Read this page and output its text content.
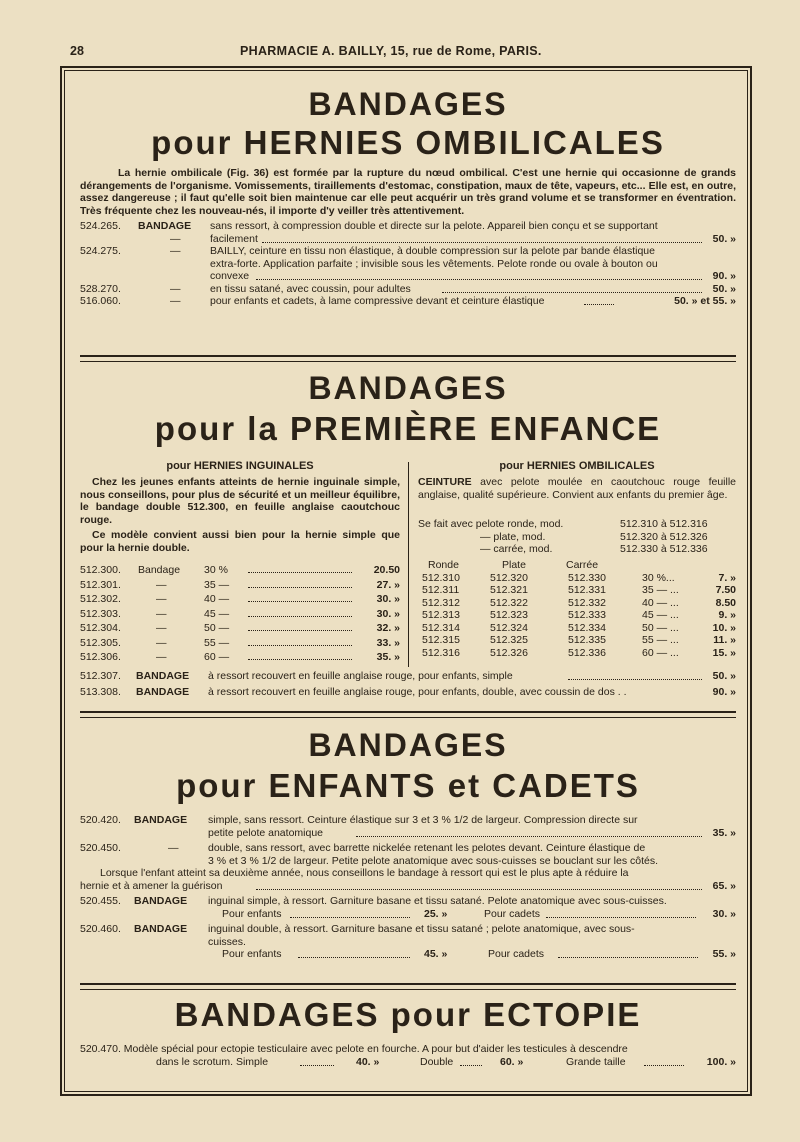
28	PHARMACIE A. BAILLY, 15, rue de Rome, PARIS.
BANDAGES
pour HERNIES OMBILICALES
La hernie ombilicale (Fig. 36) est formée par la rupture du nœud ombilical. C'est une hernie qui occasionne de grands dérangements de l'organisme. Vomissements, tiraillements d'estomac, constipation, maux de tête, vapeurs, etc... Elle est, en outre, assez dangereuse ; il faut qu'elle soit bien maintenue car elle peut acquérir un très grand volume et se transformer en éventration. Très fréquente chez les nouveau-nés, il importe d'y veiller très attentivement.
524.265. BANDAGE sans ressort, à compression double et directe sur la pelote. Appareil bien conçu et se supportant
—	facilement	50. »
524.275.	—	BAILLY, ceinture en tissu non élastique, à double compression sur la pelote par bande élastique
extra-forte. Application parfaite ; invisible sous les vêtements. Pelote ronde ou ovale à bouton ou
convexe	90. »
528.270.	—	en tissu satané, avec coussin, pour adultes	50. »
516.060.	—	pour enfants et cadets, à lame compressive devant et ceinture élastique	50. » et 55. »
BANDAGES
pour la PREMIÈRE ENFANCE
pour HERNIES INGUINALES
Chez les jeunes enfants atteints de hernie inguinale simple, nous conseillons, pour plus de sécurité et un meilleur équilibre, le bandage double 512.300, en feuille anglaise caoutchouc rouge.
Ce modèle convient aussi bien pour la hernie simple que pour la hernie double.
512.300. Bandage 30 %	20.50
512.301.	—	35 —	27. »
512.302.	—	40 —	30. »
512.303.	—	45 —	30. »
512.304.	—	50 —	32. »
512.305.	—	55 —	33. »
512.306.	—	60 —	35. »
pour HERNIES OMBILICALES
CEINTURE avec pelote moulée en caoutchouc rouge feuille anglaise, qualité supérieure. Convient aux enfants du premier âge.
Se fait avec pelote ronde, mod.	512.310 à 512.316
— plate, mod.	512.320 à 512.326
— carrée, mod.	512.330 à 512.336
Ronde	Plate	Carrée
512.310	512.320	512.330	30 %...	7. »
512.311	512.321	512.331	35 — ...	7.50
512.312	512.322	512.332	40 — ...	8.50
512.313	512.323	512.333	45 — ...	9. »
512.314	512.324	512.334	50 — ...	10. »
512.315	512.325	512.335	55 — ...	11. »
512.316	512.326	512.336	60 — ...	15. »
512.307. BANDAGE à ressort recouvert en feuille anglaise rouge, pour enfants, simple	50. »
513.308. BANDAGE à ressort recouvert en feuille anglaise rouge, pour enfants, double, avec coussin de dos . .	90. »
BANDAGES
pour ENFANTS et CADETS
520.420. BANDAGE simple, sans ressort. Ceinture élastique sur 3 et 3 % 1/2 de largeur. Compression directe sur
petite pelote anatomique	35. »
520.450.	—	double, sans ressort, avec barrette nickelée retenant les pelotes devant. Ceinture élastique de
3 % et 3 % 1/2 de largeur. Petite pelote anatomique avec sous-cuisses se bouclant sur les côtés.
Lorsque l'enfant atteint sa deuxième année, nous conseillons le bandage à ressort qui est le plus apte à réduire la
hernie et à amener la guérison	65. »
520.455. BANDAGE inguinal simple, à ressort. Garniture basane et tissu satané. Pelote anatomique avec sous-cuisses.
Pour enfants	25. »	Pour cadets	30. »
520.460. BANDAGE inguinal double, à ressort. Garniture basane et tissu satané ; pelote anatomique, avec sous-
cuisses.
Pour enfants	45. »	Pour cadets	55. »
BANDAGES pour ECTOPIE
520.470. Modèle spécial pour ectopie testiculaire avec pelote en fourche. A pour but d'aider les testicules à descendre
dans le scrotum. Simple	40. »	Double	60. »	Grande taille	100. »
